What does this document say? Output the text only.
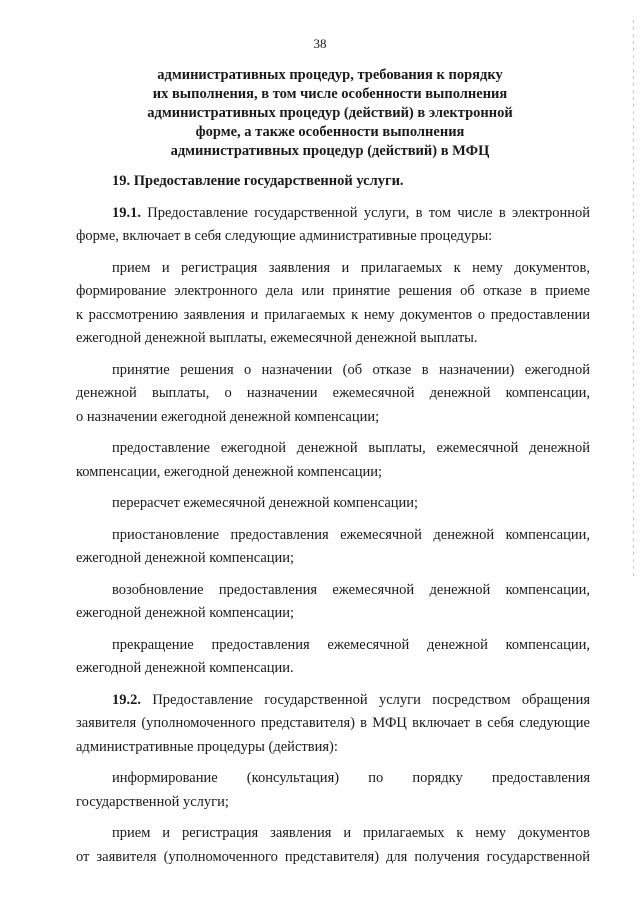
38
административных процедур, требования к порядку
их выполнения, в том числе особенности выполнения
административных процедур (действий) в электронной
форме, а также особенности выполнения
административных процедур (действий) в МФЦ
19. Предоставление государственной услуги.
19.1. Предоставление государственной услуги, в том числе в электронной
форме, включает в себя следующие административные процедуры:
прием и регистрация заявления и прилагаемых к нему документов,
формирование электронного дела или принятие решения об отказе в приеме
к рассмотрению заявления и прилагаемых к нему документов о предоставлении
ежегодной денежной выплаты, ежемесячной денежной выплаты.
принятие решения о назначении (об отказе в назначении) ежегодной
денежной выплаты, о назначении ежемесячной денежной компенсации,
о назначении ежегодной денежной компенсации;
предоставление ежегодной денежной выплаты, ежемесячной денежной
компенсации, ежегодной денежной компенсации;
перерасчет ежемесячной денежной компенсации;
приостановление предоставления ежемесячной денежной компенсации,
ежегодной денежной компенсации;
возобновление предоставления ежемесячной денежной компенсации,
ежегодной денежной компенсации;
прекращение предоставления ежемесячной денежной компенсации,
ежегодной денежной компенсации.
19.2. Предоставление государственной услуги посредством обращения
заявителя (уполномоченного представителя) в МФЦ включает в себя следующие
административные процедуры (действия):
информирование (консультация) по порядку предоставления
государственной услуги;
прием и регистрация заявления и прилагаемых к нему документов
от заявителя (уполномоченного представителя) для получения государственной
